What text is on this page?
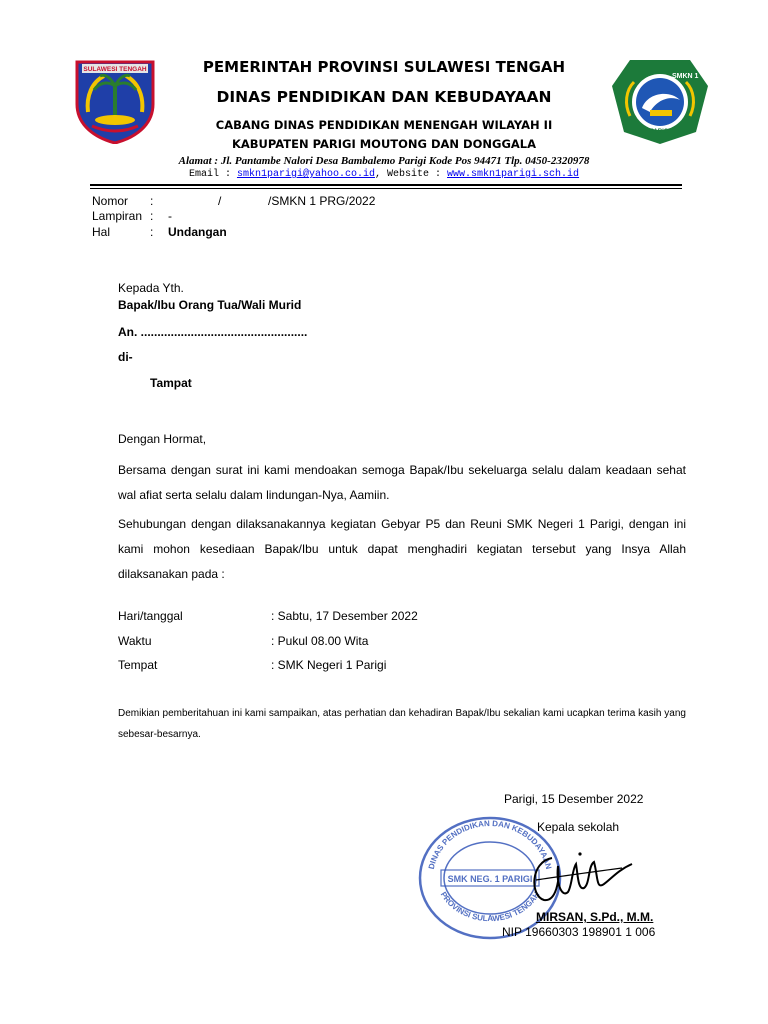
SULAWESI TENGAH
SMKN 1
PARIGI
PEMERINTAH PROVINSI SULAWESI TENGAH
DINAS PENDIDIKAN DAN KEBUDAYAAN
CABANG DINAS PENDIDIKAN MENENGAH WILAYAH II
KABUPATEN PARIGI MOUTONG DAN DONGGALA
Alamat : Jl. Pantambe Nalori Desa Bambalemo Parigi Kode Pos 94471 Tlp. 0450-2320978
Email : smkn1parigi@yahoo.co.id, Website : www.smkn1parigi.sch.id
Nomor :	/              /SMKN 1 PRG/2022
Lampiran : -
Hal	: Undangan
Kepada Yth.
Bapak/Ibu Orang Tua/Wali Murid
An. ..................................................
di-
Tampat
Dengan Hormat,
Bersama dengan surat ini kami mendoakan semoga Bapak/Ibu sekeluarga selalu dalam keadaan sehat wal afiat serta selalu dalam lindungan-Nya, Aamiin.
Sehubungan dengan dilaksanakannya kegiatan Gebyar P5 dan Reuni SMK Negeri 1 Parigi, dengan ini kami mohon kesediaan Bapak/Ibu untuk dapat menghadiri kegiatan tersebut yang Insya Allah dilaksanakan pada :
Hari/tanggal	: Sabtu, 17 Desember 2022
Waktu	: Pukul 08.00 Wita
Tempat	: SMK Negeri 1 Parigi
Demikian pemberitahuan ini kami sampaikan, atas perhatian dan kehadiran Bapak/Ibu sekalian kami ucapkan terima kasih yang sebesar-besarnya.
Parigi, 15 Desember 2022
DINAS PENDIDIKAN DAN KEBUDAYAAN
PROVINSI SULAWESI TENGAH
SMK NEG. 1 PARIGI
Kepala sekolah
MIRSAN, S.Pd., M.M.
NIP 19660303 198901 1 006
